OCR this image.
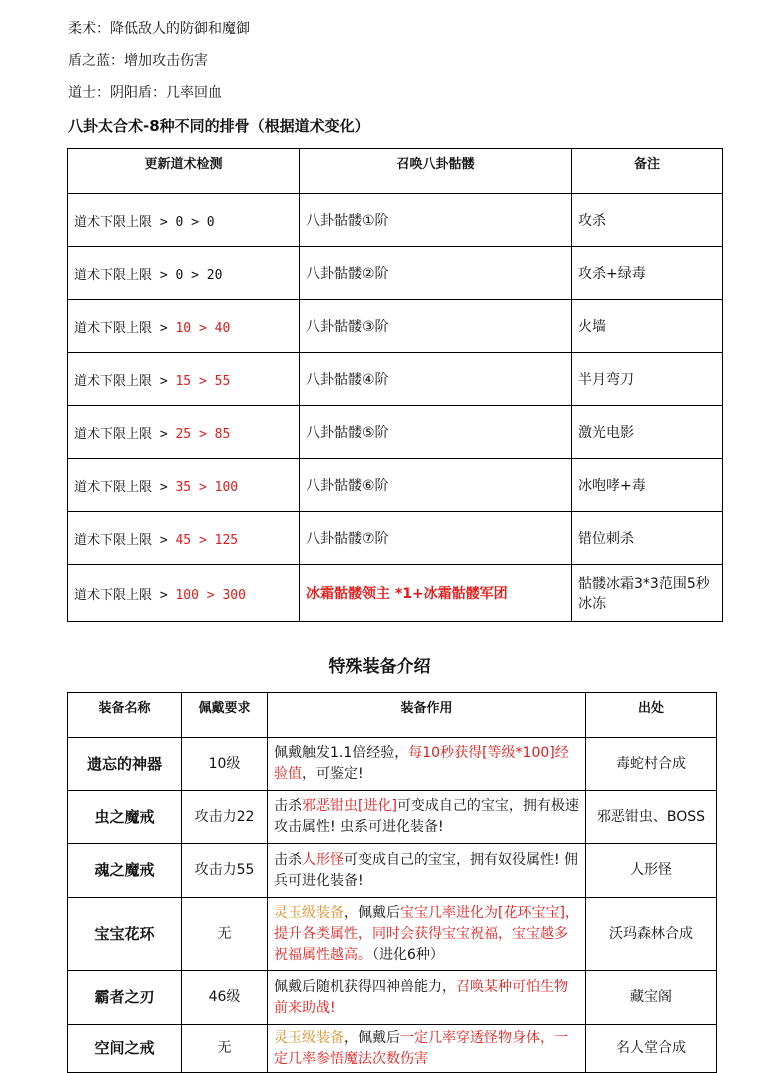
柔术：降低敌人的防御和魔御
盾之蓝：增加攻击伤害
道士：阴阳盾：几率回血
八卦太合术-8种不同的排骨（根据道术变化）
更新道术检测	召唤八卦骷髅	备注
道术下限上限 > 0 > 0	八卦骷髅①阶	攻杀
道术下限上限 > 0 > 20	八卦骷髅②阶	攻杀+绿毒
道术下限上限 > 10 > 40	八卦骷髅③阶	火墙
道术下限上限 > 15 > 55	八卦骷髅④阶	半月弯刀
道术下限上限 > 25 > 85	八卦骷髅⑤阶	激光电影
道术下限上限 > 35 > 100	八卦骷髅⑥阶	冰咆哮+毒
道术下限上限 > 45 > 125	八卦骷髅⑦阶	错位刺杀
道术下限上限 > 100 > 300	冰霜骷髅领主 *1+冰霜骷髅军团	骷髅冰霜3*3范围5秒冰冻
特殊装备介绍
装备名称	佩戴要求	装备作用	出处
遗忘的神器	10级	佩戴触发1.1倍经验，每10秒获得[等级*100]经验值，可鉴定!	毒蛇村合成
虫之魔戒	攻击力22	击杀邪恶钳虫[进化]可变成自己的宝宝，拥有极速攻击属性! 虫系可进化装备!	邪恶钳虫、BOSS
魂之魔戒	攻击力55	击杀人形怪可变成自己的宝宝，拥有奴役属性! 佣兵可进化装备!	人形怪
宝宝花环	无	灵玉级装备，佩戴后宝宝几率进化为[花环宝宝]，提升各类属性，同时会获得宝宝祝福，宝宝越多祝福属性越高。（进化6种）	沃玛森林合成
霸者之刃	46级	佩戴后随机获得四神兽能力，召唤某种可怕生物前来助战!	藏宝阁
空间之戒	无	灵玉级装备，佩戴后一定几率穿透怪物身体，一定几率参悟魔法次数伤害	名人堂合成
